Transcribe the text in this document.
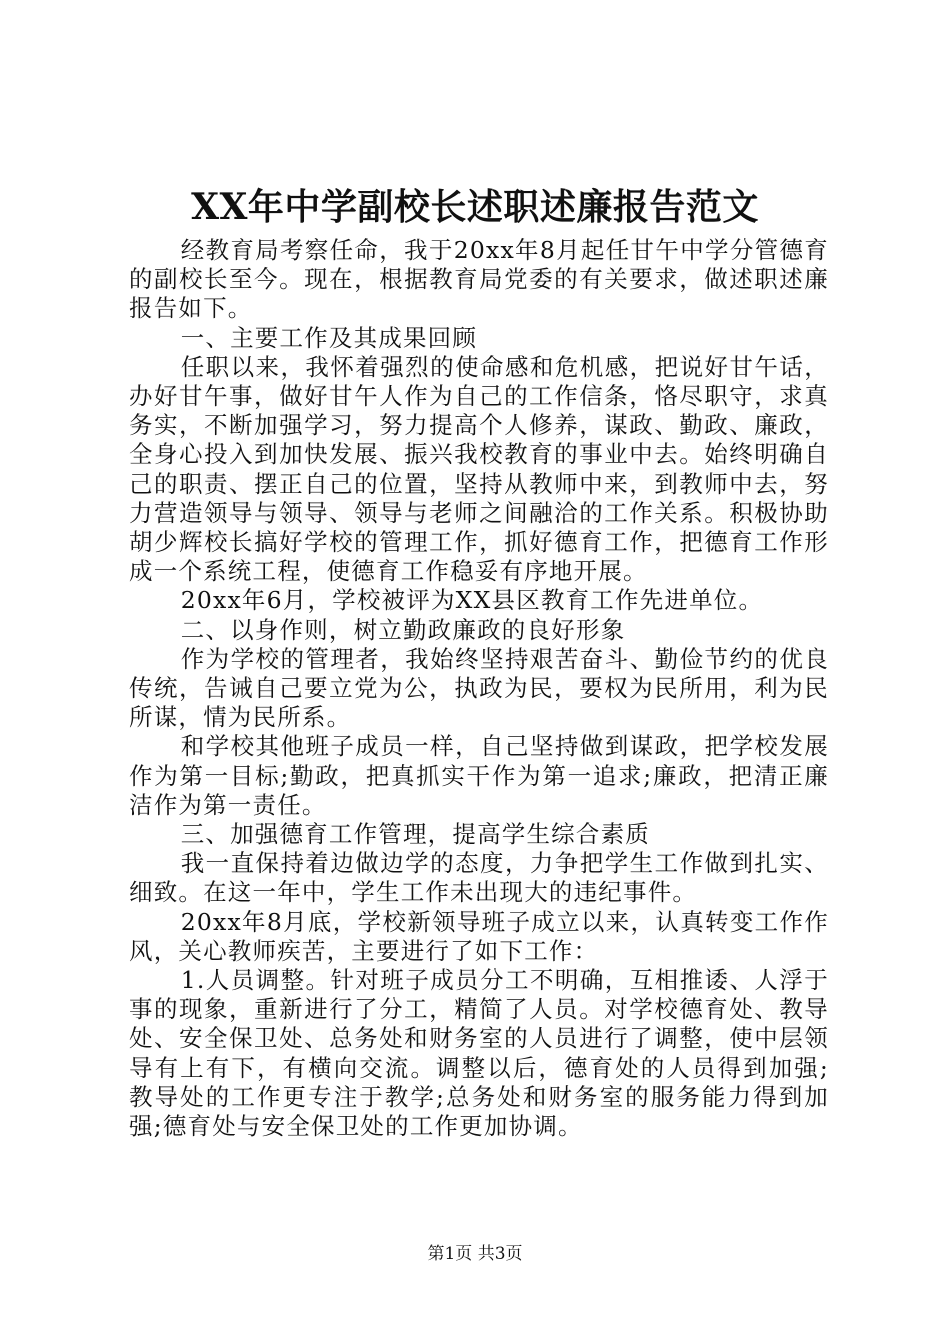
XX年中学副校长述职述廉报告范文

经教育局考察任命，我于20xx年8月起任甘午中学分管德育的副校长至今。现在，根据教育局党委的有关要求，做述职述廉报告如下。

一、主要工作及其成果回顾

任职以来，我怀着强烈的使命感和危机感，把说好甘午话，办好甘午事，做好甘午人作为自己的工作信条，恪尽职守，求真务实，不断加强学习，努力提高个人修养，谋政、勤政、廉政，全身心投入到加快发展、振兴我校教育的事业中去。始终明确自己的职责、摆正自己的位置，坚持从教师中来，到教师中去，努力营造领导与领导、领导与老师之间融洽的工作关系。积极协助胡少辉校长搞好学校的管理工作，抓好德育工作，把德育工作形成一个系统工程，使德育工作稳妥有序地开展。

20xx年6月，学校被评为XX县区教育工作先进单位。

二、以身作则，树立勤政廉政的良好形象

作为学校的管理者，我始终坚持艰苦奋斗、勤俭节约的优良传统，告诫自己要立党为公，执政为民，要权为民所用，利为民所谋，情为民所系。

和学校其他班子成员一样，自己坚持做到谋政，把学校发展作为第一目标;勤政，把真抓实干作为第一追求;廉政，把清正廉洁作为第一责任。

三、加强德育工作管理，提高学生综合素质

我一直保持着边做边学的态度，力争把学生工作做到扎实、细致。在这一年中，学生工作未出现大的违纪事件。

20xx年8月底，学校新领导班子成立以来，认真转变工作作风，关心教师疾苦，主要进行了如下工作：

1.人员调整。针对班子成员分工不明确，互相推诿、人浮于事的现象，重新进行了分工，精简了人员。对学校德育处、教导处、安全保卫处、总务处和财务室的人员进行了调整，使中层领导有上有下，有横向交流。调整以后，德育处的人员得到加强;教导处的工作更专注于教学;总务处和财务室的服务能力得到加强;德育处与安全保卫处的工作更加协调。

第1页 共3页
